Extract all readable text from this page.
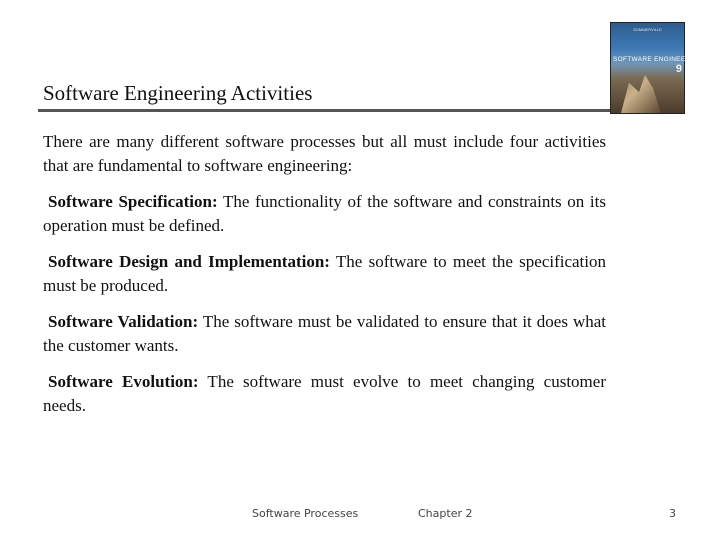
Software Engineering Activities
SOMMERVILLE
SOFTWARE ENGINEERING
9

There are many different software processes but all must include four activities that are fundamental to software engineering:

Software Specification: The functionality of the software and constraints on its operation must be defined.

Software Design and Implementation: The software to meet the specification must be produced.

Software Validation: The software must be validated to ensure that it does what the customer wants.

Software Evolution: The software must evolve to meet changing customer needs.

Software Processes	Chapter 2	3
